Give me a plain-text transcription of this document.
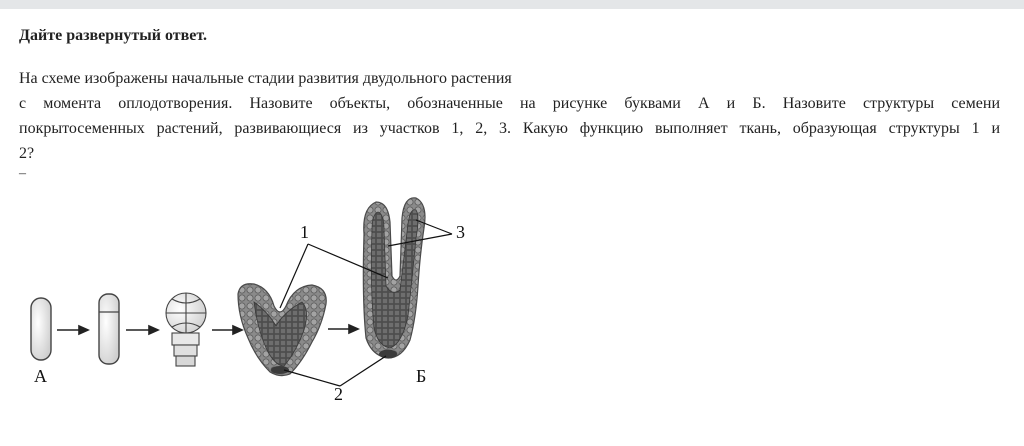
Дайте развернутый ответ.
На схеме изображены начальные стадии развития двудольного растения
с момента оплодотворения. Назовите объекты, обозначенные на рисунке буквами А и Б. Назовите структуры семени
покрытосеменных растений, развивающиеся из участков 1, 2, 3. Какую функцию выполняет ткань, образующая структуры 1 и
2?
–
А	Б
1
2
3
